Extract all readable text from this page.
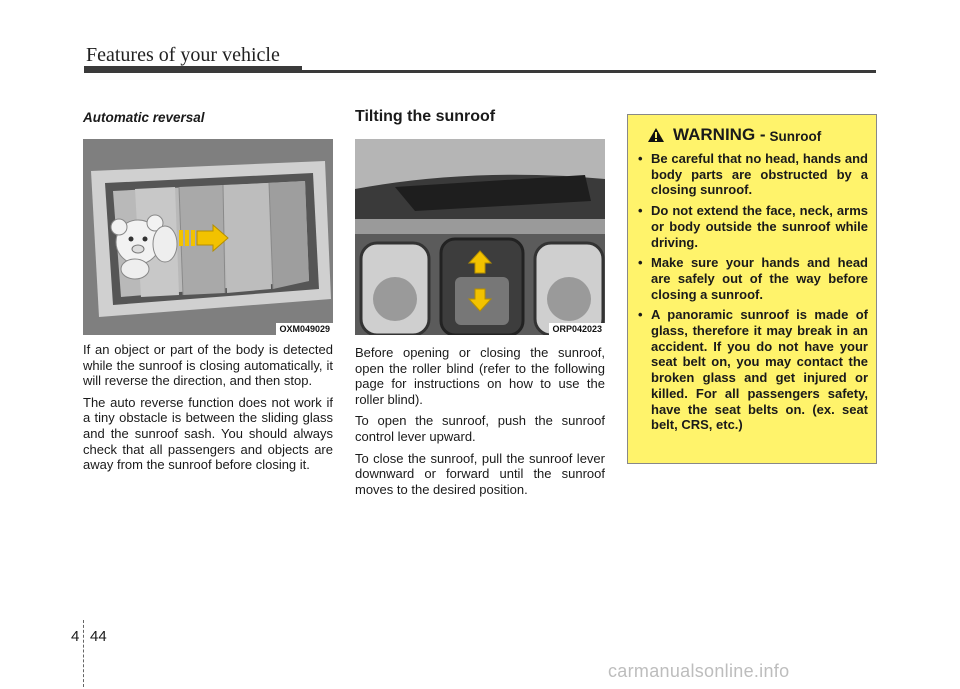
Features of your vehicle
Automatic reversal
OXM049029

If an object or part of the body is detected while the sunroof is closing automatically, it will reverse the direction, and then stop.

The auto reverse function does not work if a tiny obstacle is between the sliding glass and the sunroof sash. You should always check that all passengers and objects are away from the sunroof before closing it.

Tilting the sunroof
ORP042023

Before opening or closing the sunroof, open the roller blind (refer to the following page for instructions on how to use the roller blind).

To open the sunroof, push the sunroof control lever upward.

To close the sunroof, pull the sunroof lever downward or forward until the sunroof moves to the desired position.

WARNING - Sunroof
• Be careful that no head, hands and body parts are obstructed by a closing sunroof.
• Do not extend the face, neck, arms or body outside the sunroof while driving.
• Make sure your hands and head are safely out of the way before closing a sunroof.
• A panoramic sunroof is made of glass, therefore it may break in an accident. If you do not have your seat belt on, you may contact the broken glass and get injured or killed. For all passengers safety, have the seat belts on. (ex. seat belt, CRS, etc.)
4 44
carmanualsonline.info
